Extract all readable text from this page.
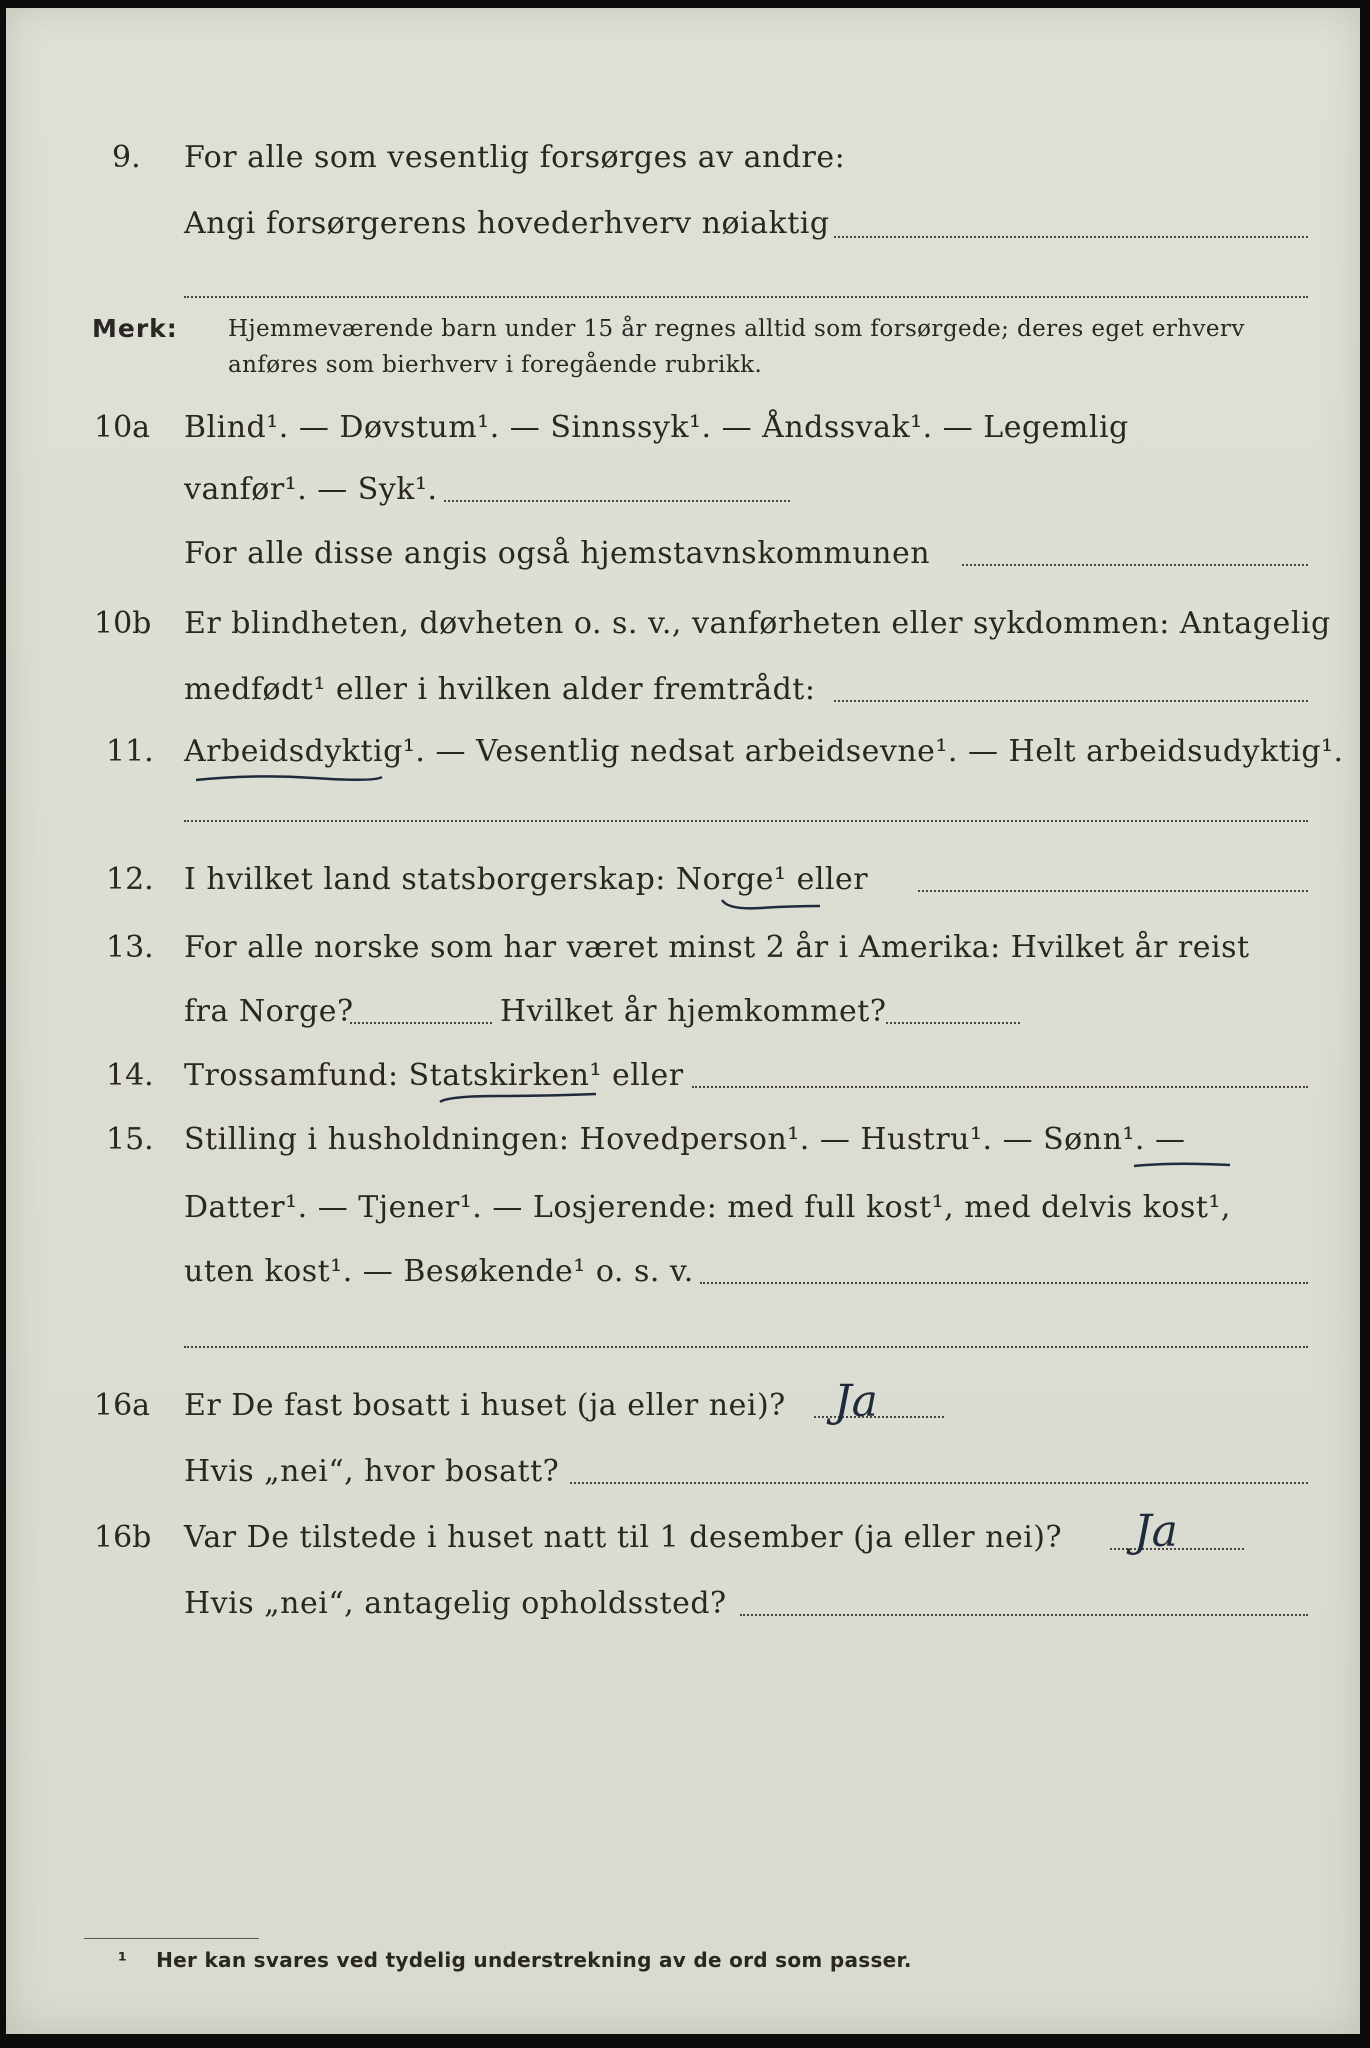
9. For alle som vesentlig forsørges av andre:
Angi forsørgerens hovederhverv nøiaktig
Merk: Hjemmeværende barn under 15 år regnes alltid som forsørgede; deres eget erhverv
anføres som bierhverv i foregående rubrikk.
10a Blind¹. — Døvstum¹. — Sinnssyk¹. — Åndssvak¹. — Legemlig
vanfør¹. — Syk¹.
For alle disse angis også hjemstavnskommunen
10b Er blindheten, døvheten o. s. v., vanførheten eller sykdommen: Antagelig
medfødt¹ eller i hvilken alder fremtrådt:
11. Arbeidsdyktig¹. — Vesentlig nedsat arbeidsevne¹. — Helt arbeidsudyktig¹.
12. I hvilket land statsborgerskap: Norge¹ eller
13. For alle norske som har været minst 2 år i Amerika: Hvilket år reist
fra Norge?	Hvilket år hjemkommet?
14. Trossamfund: Statskirken¹ eller
15. Stilling i husholdningen: Hovedperson¹. — Hustru¹. — Sønn¹. —
Datter¹. — Tjener¹. — Losjerende: med full kost¹, med delvis kost¹,
uten kost¹. — Besøkende¹ o. s. v.
16a Er De fast bosatt i huset (ja eller nei)? Ja
Hvis „nei“, hvor bosatt?
16b Var De tilstede i huset natt til 1 desember (ja eller nei)? Ja
Hvis „nei“, antagelig opholdssted?
¹ Her kan svares ved tydelig understrekning av de ord som passer.
